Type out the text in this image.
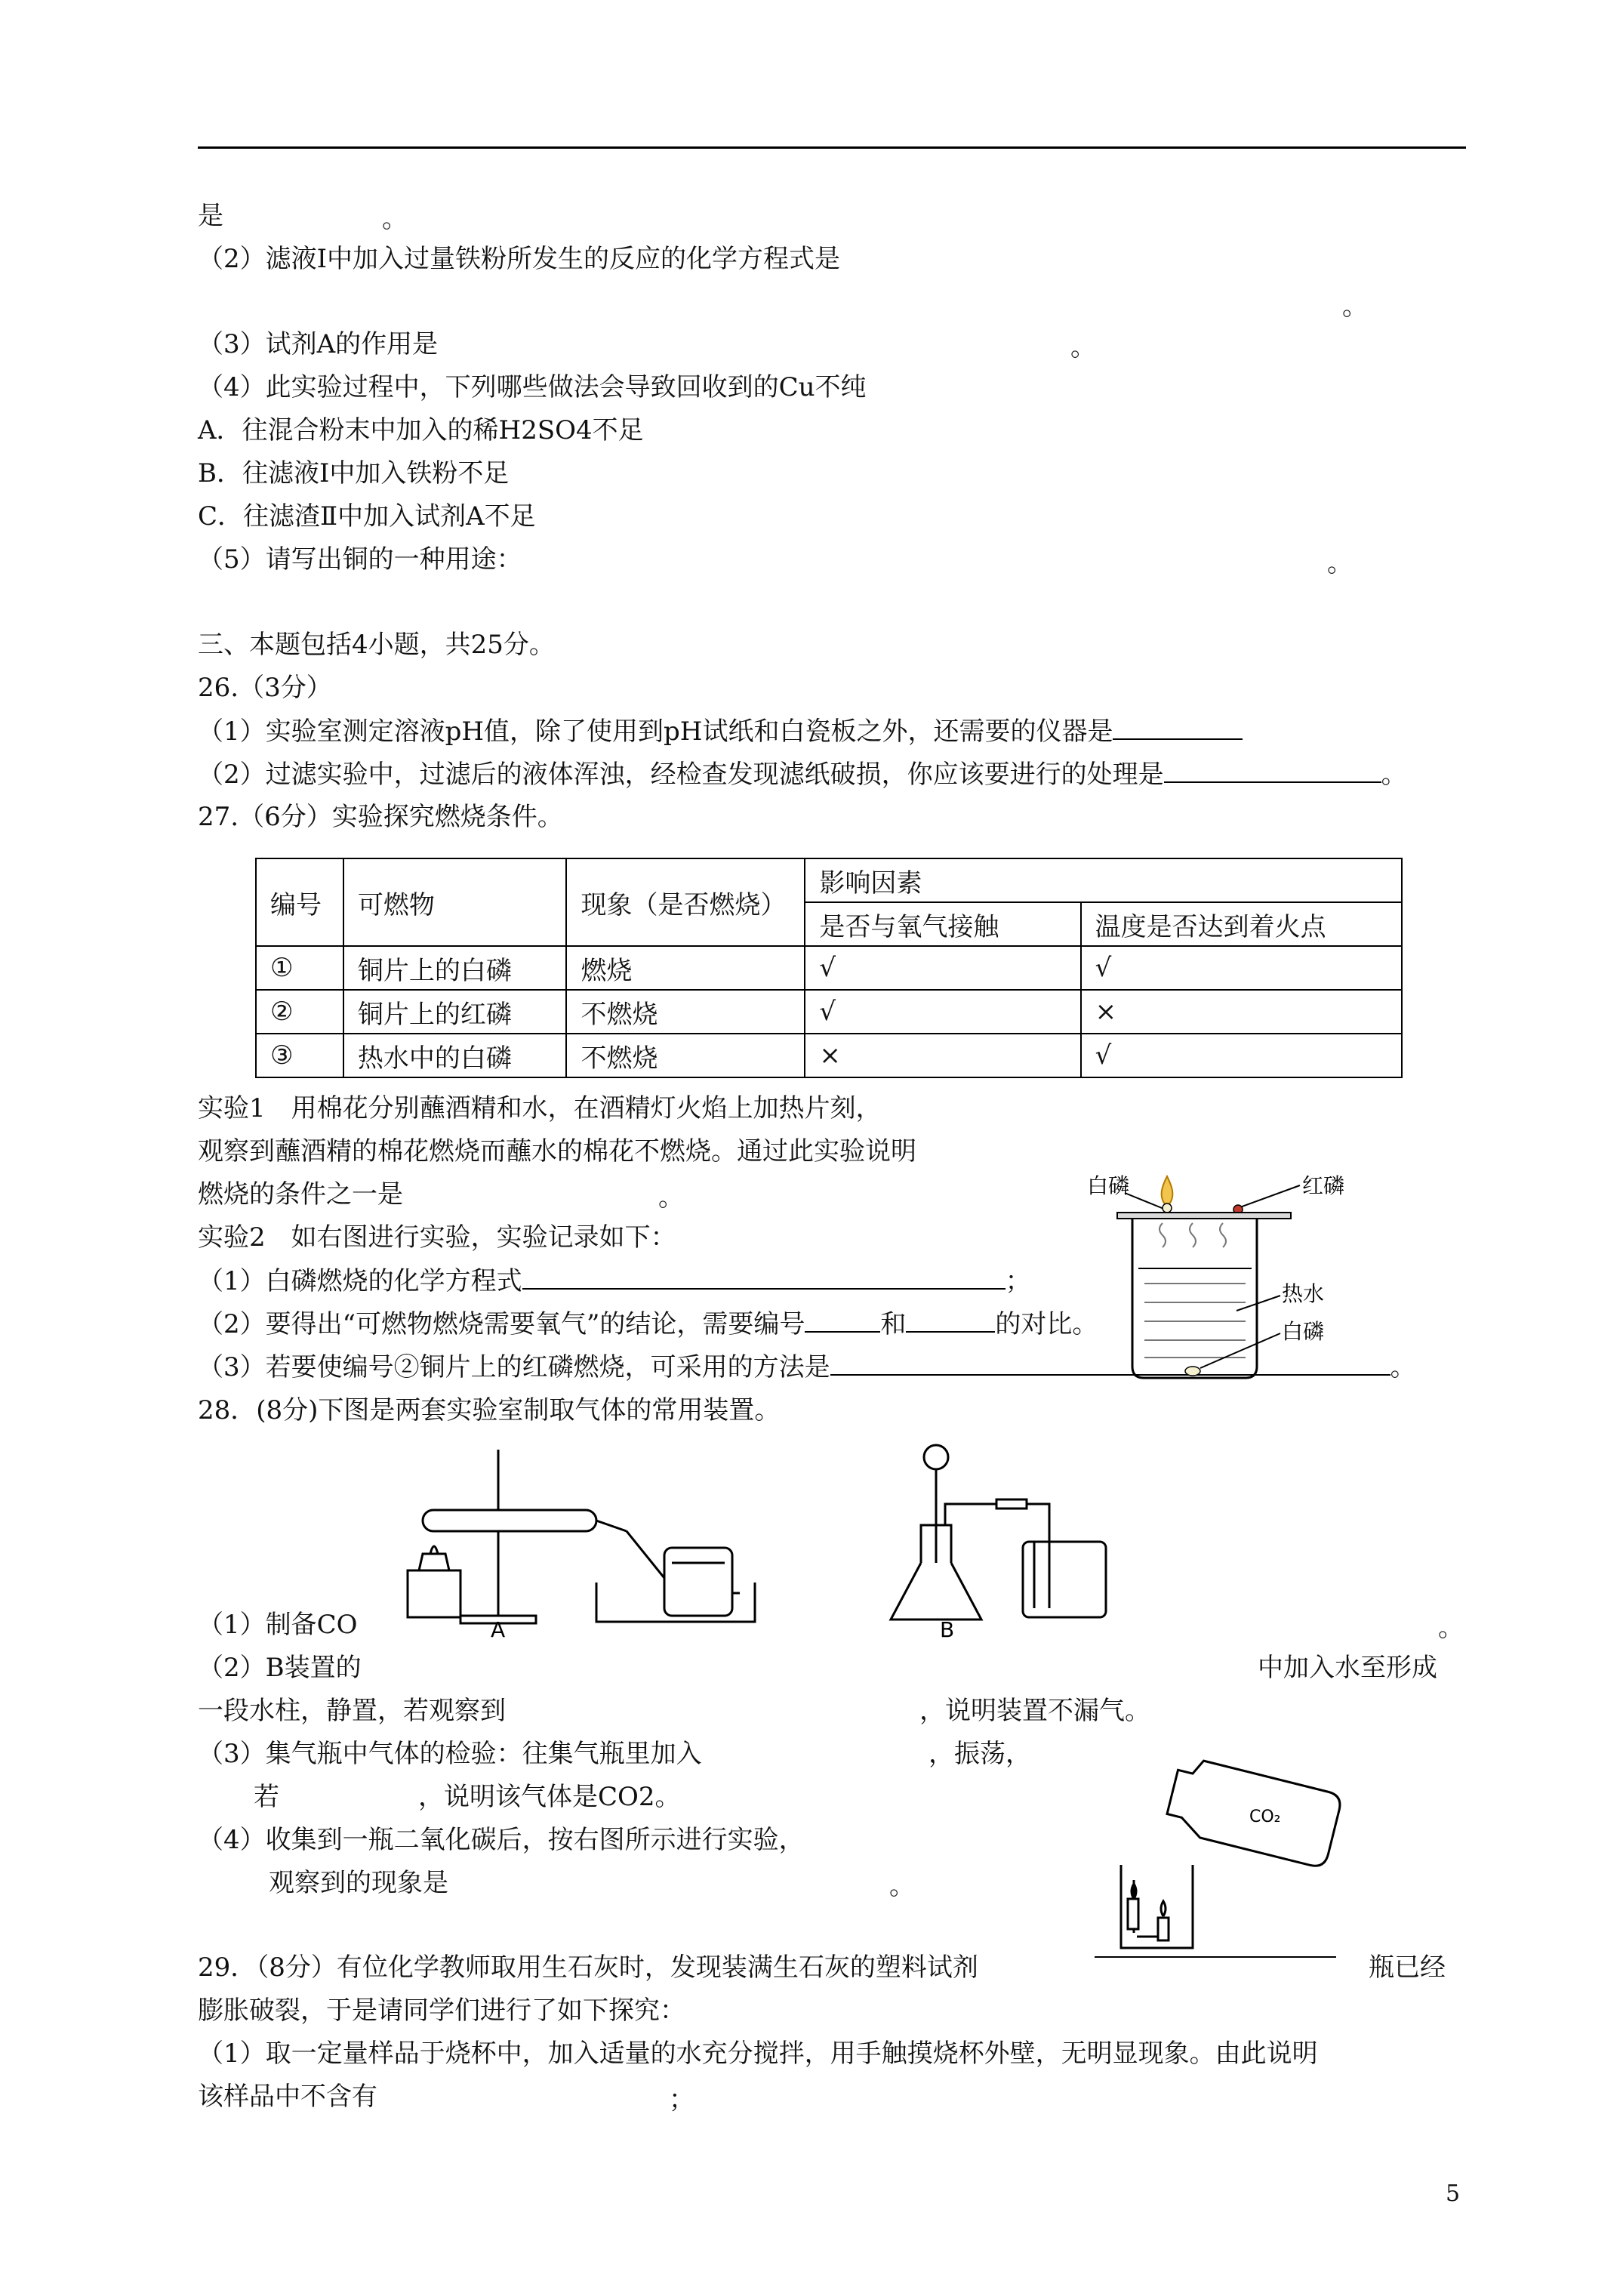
是	。
（2）滤液Ⅰ中加入过量铁粉所发生的反应的化学方程式是
。
（3）试剂A的作用是	。
（4）此实验过程中，下列哪些做法会导致回收到的Cu不纯
A．往混合粉末中加入的稀H2SO4不足
B．往滤液Ⅰ中加入铁粉不足
C．往滤渣Ⅱ中加入试剂A不足
（5）请写出铜的一种用途：	。
三、本题包括4小题，共25分。
26.（3分）
（1）实验室测定溶液pH值，除了使用到pH试纸和白瓷板之外，还需要的仪器是
（2）过滤实验中，过滤后的液体浑浊，经检查发现滤纸破损，你应该要进行的处理是	。
27.（6分）实验探究燃烧条件。
编号	可燃物	现象（是否燃烧）	影响因素	
			是否与氧气接触	温度是否达到着火点
①	铜片上的白磷	燃烧	√	√
②	铜片上的红磷	不燃烧	√	×
③	热水中的白磷	不燃烧	×	√
实验1　用棉花分别蘸酒精和水，在酒精灯火焰上加热片刻，
观察到蘸酒精的棉花燃烧而蘸水的棉花不燃烧。通过此实验说明
燃烧的条件之一是	。
实验2　如右图进行实验，实验记录如下：
（1）白磷燃烧的化学方程式	；
（2）要得出“可燃物燃烧需要氧气”的结论，需要编号	和	的对比。
（3）若要使编号②铜片上的红磷燃烧，可采用的方法是	。
白磷	红磷
热水
白磷
28．(8分)下图是两套实验室制取气体的常用装置。
A	B
（1）制备CO	。
（2）B装置的	中加入水至形成
一段水柱，静置，若观察到	，说明装置不漏气。
（3）集气瓶中气体的检验：往集气瓶里加入	，振荡，
若	，说明该气体是CO2。
（4）收集到一瓶二氧化碳后，按右图所示进行实验，
观察到的现象是	。
CO₂
29．（8分）有位化学教师取用生石灰时，发现装满生石灰的塑料试剂	瓶已经
膨胀破裂，于是请同学们进行了如下探究：
（1）取一定量样品于烧杯中，加入适量的水充分搅拌，用手触摸烧杯外壁，无明显现象。由此说明
该样品中不含有	；
5
